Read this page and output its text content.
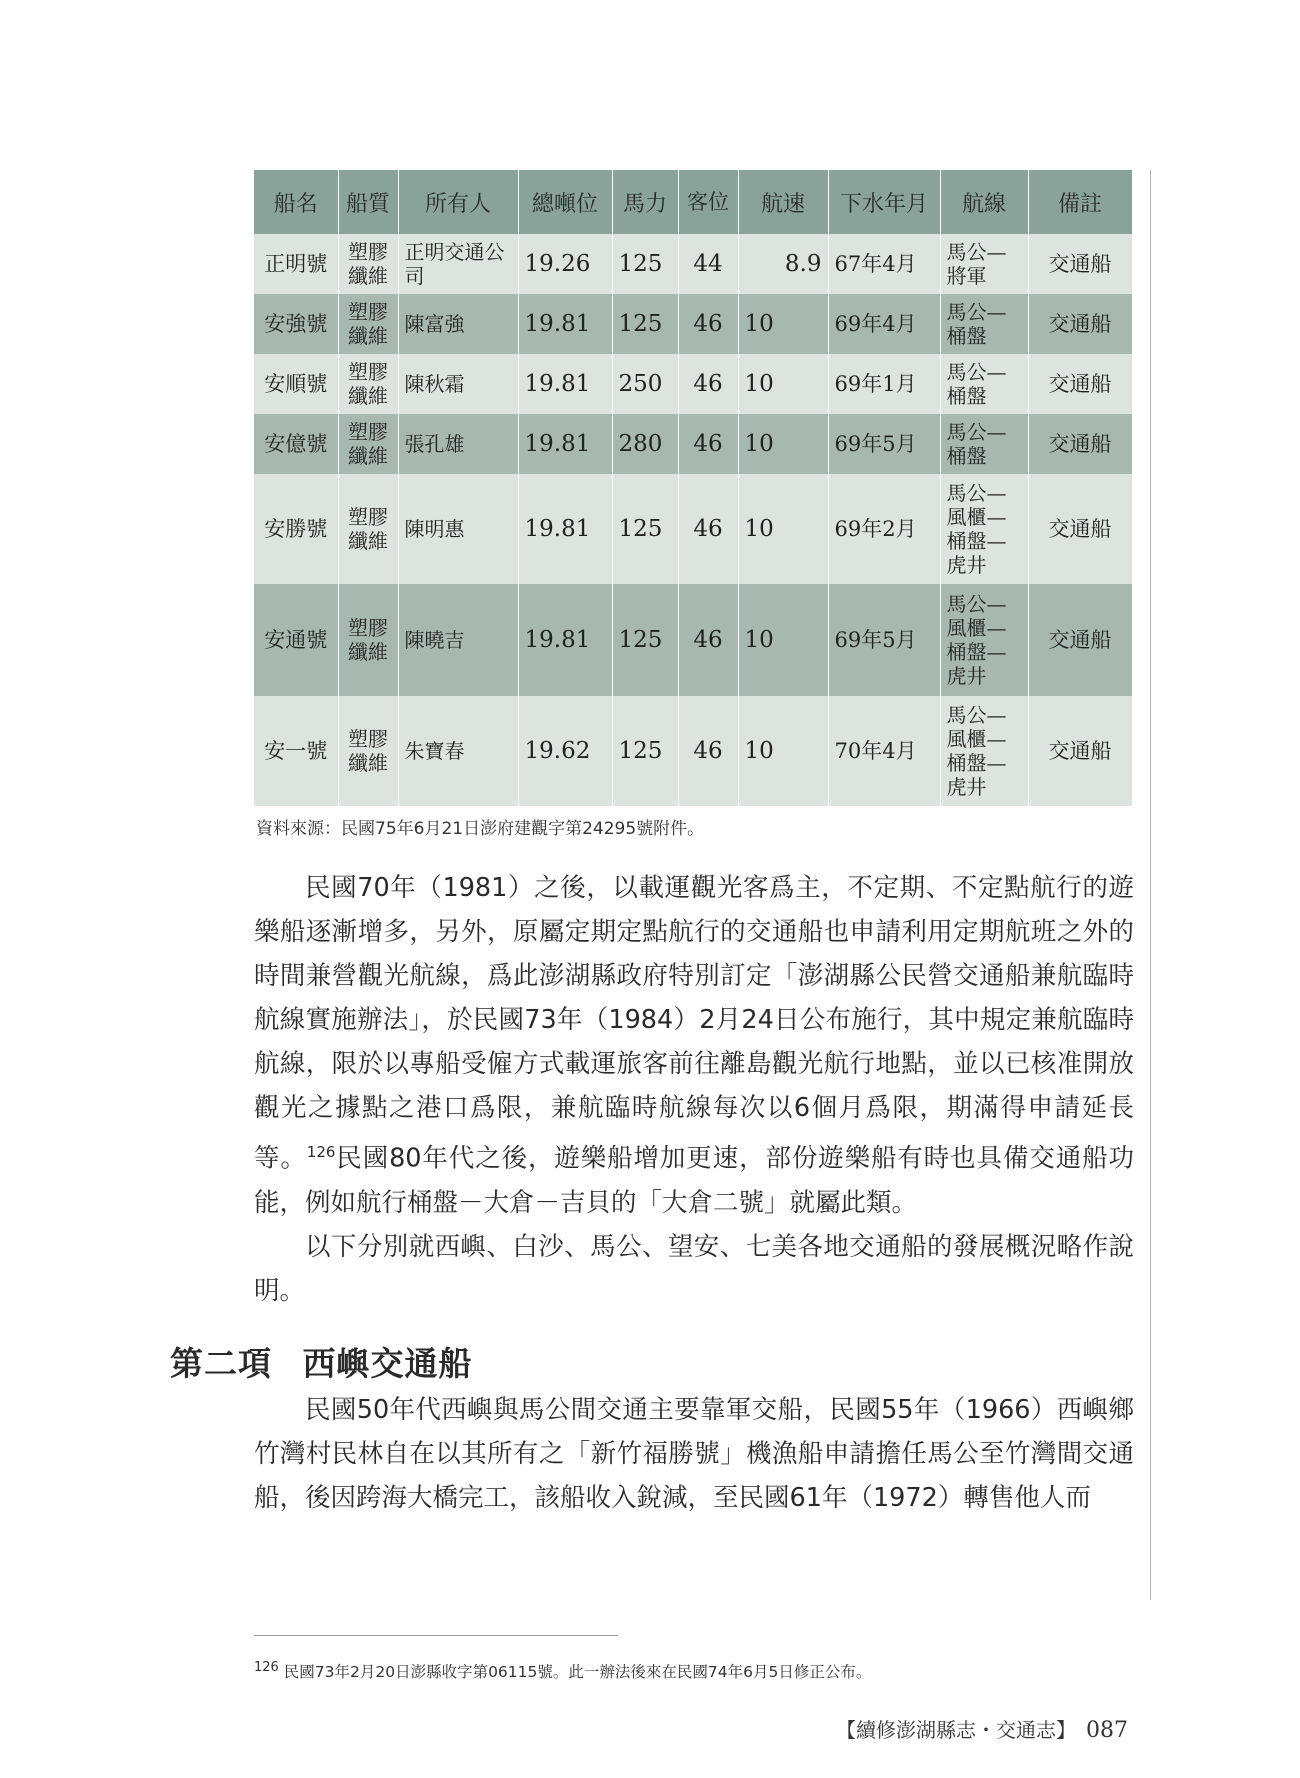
船名	船質	所有人	總噸位	馬力	客位	航速	下水年月	航線	備註
正明號	塑膠纖維	正明交通公司	19.26	125	44	8.9	67年4月	馬公—將軍	交通船
安強號	塑膠纖維	陳富強	19.81	125	46	10	69年4月	馬公—桶盤	交通船
安順號	塑膠纖維	陳秋霜	19.81	250	46	10	69年1月	馬公—桶盤	交通船
安億號	塑膠纖維	張孔雄	19.81	280	46	10	69年5月	馬公—桶盤	交通船
安勝號	塑膠纖維	陳明惠	19.81	125	46	10	69年2月	馬公—風櫃—桶盤—虎井	交通船
安通號	塑膠纖維	陳曉吉	19.81	125	46	10	69年5月	馬公—風櫃—桶盤—虎井	交通船
安一號	塑膠纖維	朱寶春	19.62	125	46	10	70年4月	馬公—風櫃—桶盤—虎井	交通船
資料來源：民國75年6月21日澎府建觀字第24295號附件。

民國70年（1981）之後，以載運觀光客爲主，不定期、不定點航行的遊樂船逐漸增多，另外，原屬定期定點航行的交通船也申請利用定期航班之外的時間兼營觀光航線，爲此澎湖縣政府特別訂定「澎湖縣公民營交通船兼航臨時航線實施辦法」，於民國73年（1984）2月24日公布施行，其中規定兼航臨時航線，限於以專船受僱方式載運旅客前往離島觀光航行地點，並以已核准開放觀光之據點之港口爲限，兼航臨時航線每次以6個月爲限，期滿得申請延長等。$^{126}$民國80年代之後，遊樂船增加更速，部份遊樂船有時也具備交通船功能，例如航行桶盤－大倉－吉貝的「大倉二號」就屬此類。

以下分別就西嶼、白沙、馬公、望安、七美各地交通船的發展概況略作說明。

第二項 西嶼交通船

民國50年代西嶼與馬公間交通主要靠軍交船，民國55年（1966）西嶼鄉竹灣村民林自在以其所有之「新竹福勝號」機漁船申請擔任馬公至竹灣間交通船，後因跨海大橋完工，該船收入銳減，至民國61年（1972）轉售他人而

$^{126}$ 民國73年2月20日澎縣收字第06115號。此一辦法後來在民國74年6月5日修正公布。
【續修澎湖縣志・交通志】 087
